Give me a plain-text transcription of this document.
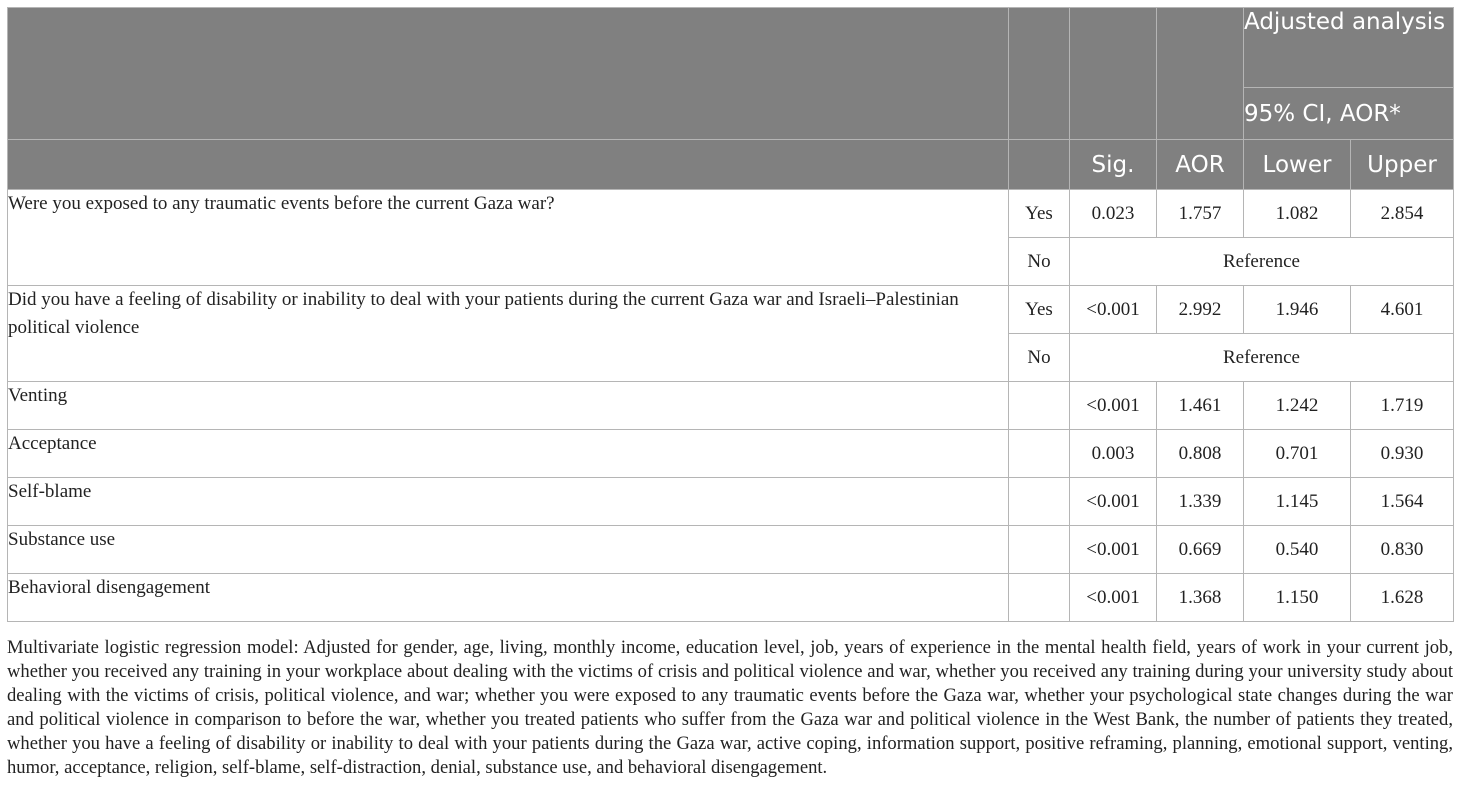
				Adjusted analysis	
				95% CI, AOR*	
		Sig.	AOR	Lower	Upper
Were you exposed to any traumatic events before the current Gaza war?	Yes	0.023	1.757	1.082	2.854
	No	Reference			
Did you have a feeling of disability or inability to deal with your patients during the current Gaza war and Israeli–Palestinian political violence	Yes	<0.001	2.992	1.946	4.601
	No	Reference			
Venting		<0.001	1.461	1.242	1.719
Acceptance		0.003	0.808	0.701	0.930
Self-blame		<0.001	1.339	1.145	1.564
Substance use		<0.001	0.669	0.540	0.830
Behavioral disengagement		<0.001	1.368	1.150	1.628
Multivariate logistic regression model: Adjusted for gender, age, living, monthly income, education level, job, years of experience in the mental health field, years of work in your current job, whether you received any training in your workplace about dealing with the victims of crisis and political violence and war, whether you received any training during your university study about dealing with the victims of crisis, political violence, and war; whether you were exposed to any traumatic events before the Gaza war, whether your psychological state changes during the war and political violence in comparison to before the war, whether you treated patients who suffer from the Gaza war and political violence in the West Bank, the number of patients they treated, whether you have a feeling of disability or inability to deal with your patients during the Gaza war, active coping, information support, positive reframing, planning, emotional support, venting, humor, acceptance, religion, self-blame, self-distraction, denial, substance use, and behavioral disengagement.
